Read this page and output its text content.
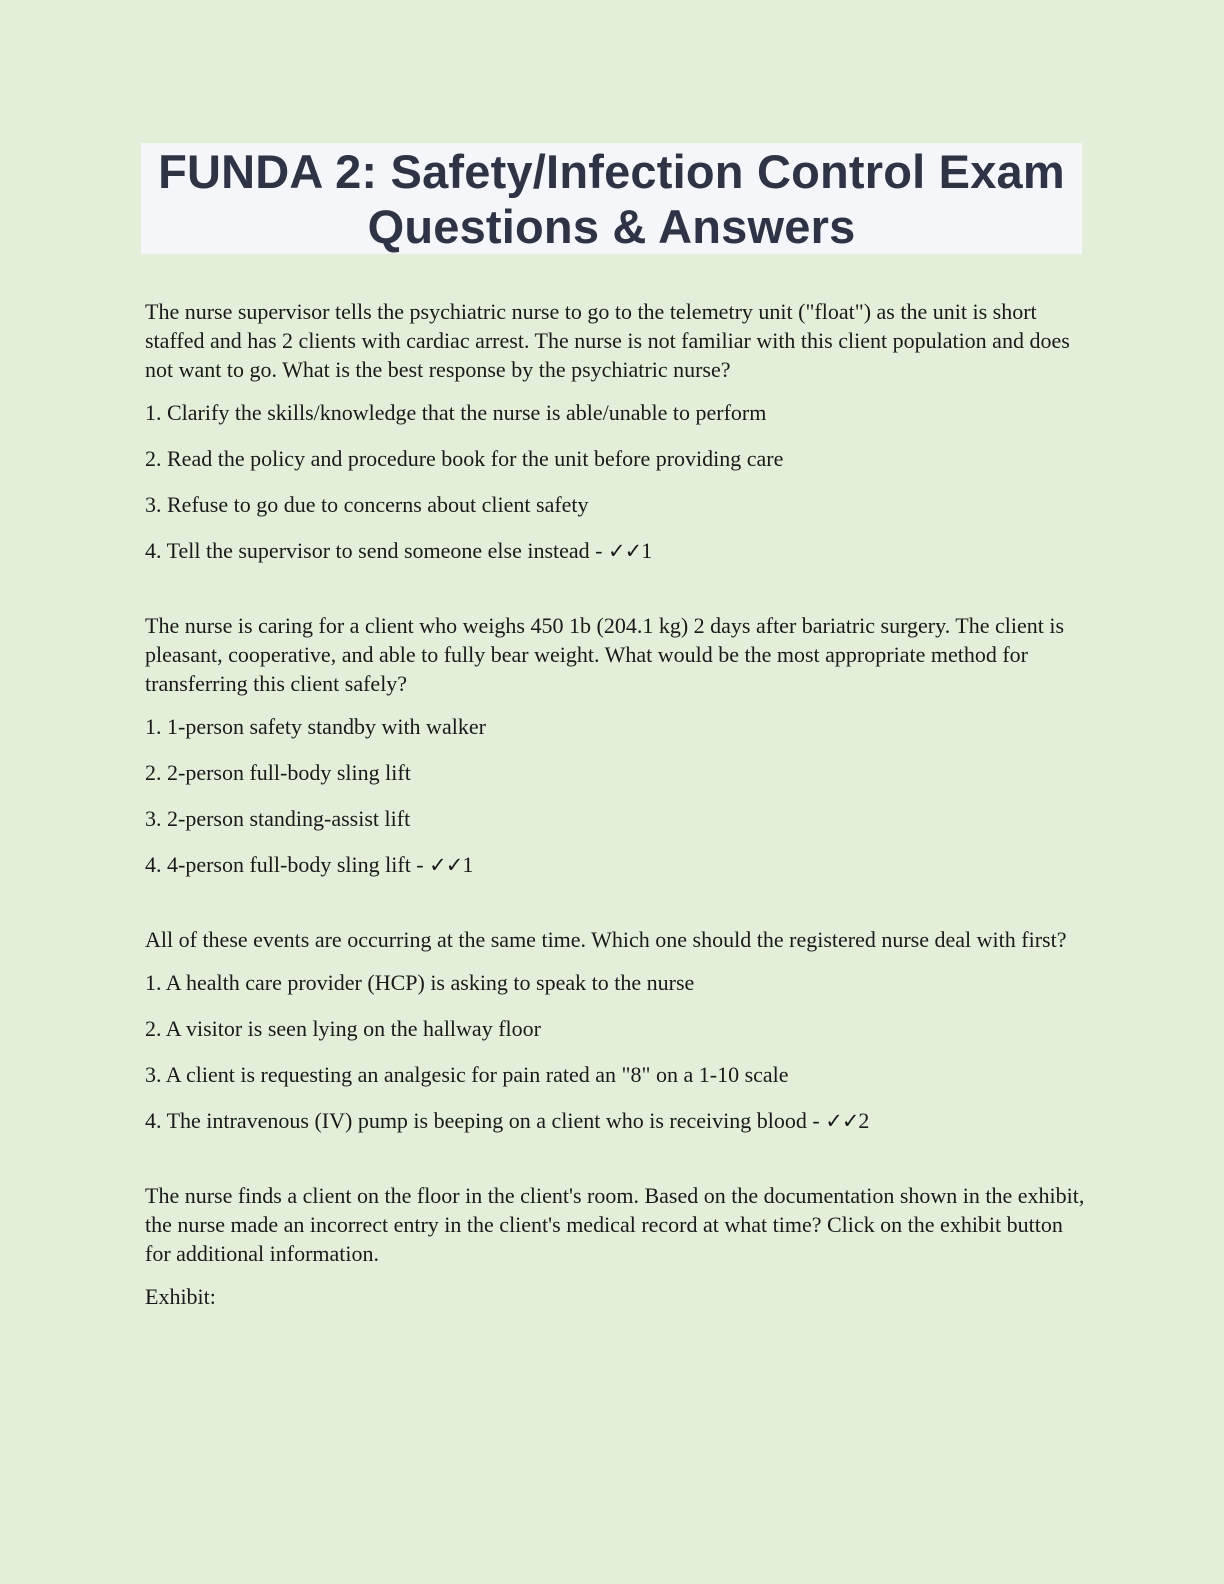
FUNDA 2: Safety/Infection Control Exam Questions & Answers

The nurse supervisor tells the psychiatric nurse to go to the telemetry unit ("float") as the unit is short staffed and has 2 clients with cardiac arrest. The nurse is not familiar with this client population and does not want to go. What is the best response by the psychiatric nurse?

1. Clarify the skills/knowledge that the nurse is able/unable to perform

2. Read the policy and procedure book for the unit before providing care

3. Refuse to go due to concerns about client safety

4. Tell the supervisor to send someone else instead - ✓✓1

The nurse is caring for a client who weighs 450 1b (204.1 kg) 2 days after bariatric surgery. The client is pleasant, cooperative, and able to fully bear weight. What would be the most appropriate method for transferring this client safely?

1. 1-person safety standby with walker

2. 2-person full-body sling lift

3. 2-person standing-assist lift

4. 4-person full-body sling lift - ✓✓1

All of these events are occurring at the same time. Which one should the registered nurse deal with first?

1. A health care provider (HCP) is asking to speak to the nurse

2. A visitor is seen lying on the hallway floor

3. A client is requesting an analgesic for pain rated an "8" on a 1-10 scale

4. The intravenous (IV) pump is beeping on a client who is receiving blood - ✓✓2

The nurse finds a client on the floor in the client's room. Based on the documentation shown in the exhibit, the nurse made an incorrect entry in the client's medical record at what time? Click on the exhibit button for additional information.

Exhibit:
